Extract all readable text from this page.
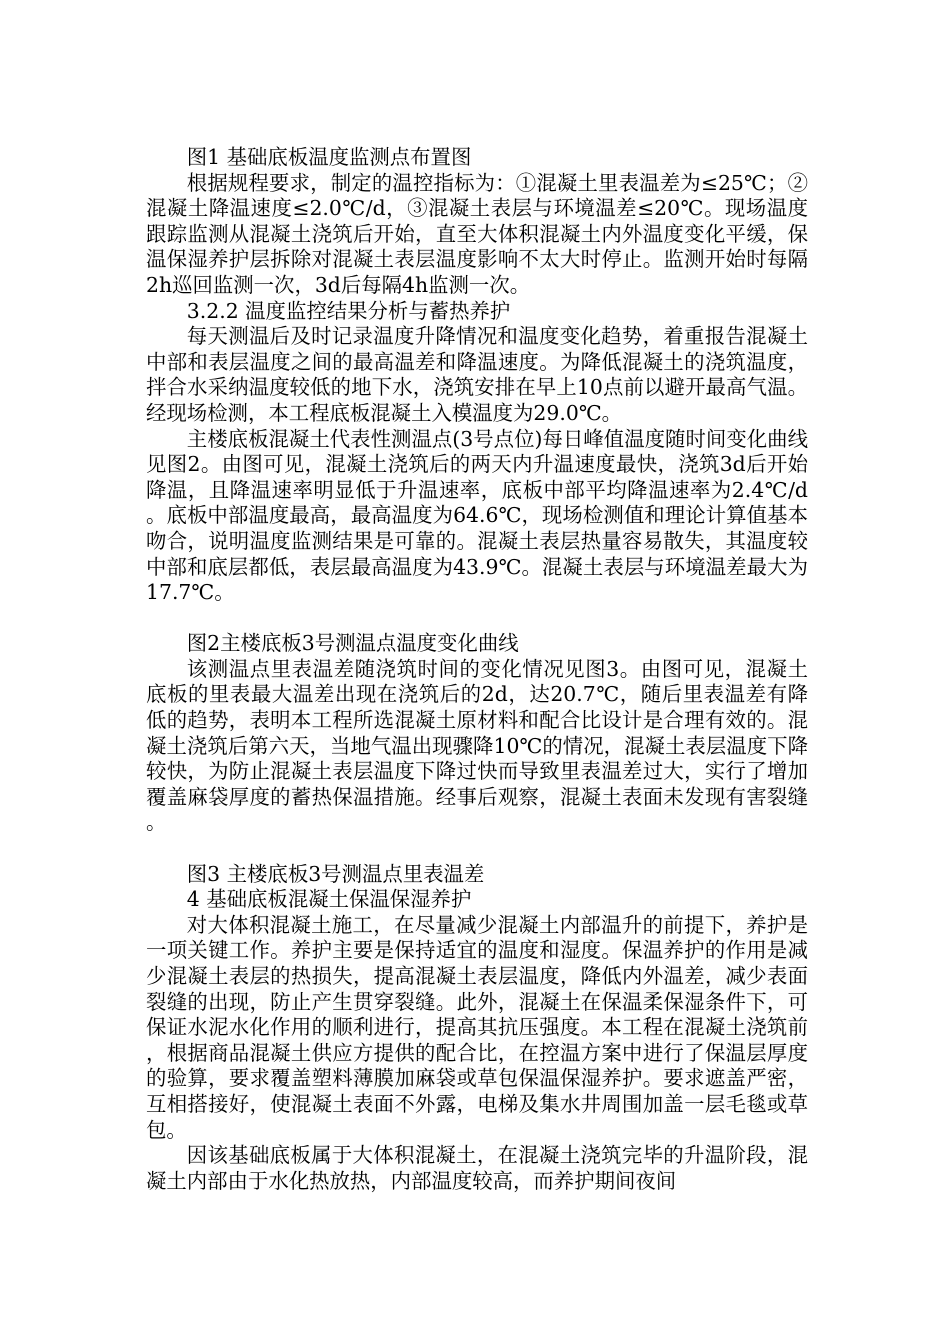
图1 基础底板温度监测点布置图

根据规程要求，制定的温控指标为：①混凝土里表温差为≤25℃；②混凝土降温速度≤2.0℃/d，③混凝土表层与环境温差≤20℃。现场温度跟踪监测从混凝土浇筑后开始，直至大体积混凝土内外温度变化平缓，保温保湿养护层拆除对混凝土表层温度影响不太大时停止。监测开始时每隔2h巡回监测一次，3d后每隔4h监测一次。

3.2.2 温度监控结果分析与蓄热养护

每天测温后及时记录温度升降情况和温度变化趋势，着重报告混凝土中部和表层温度之间的最高温差和降温速度。为降低混凝土的浇筑温度，拌合水采纳温度较低的地下水，浇筑安排在早上10点前以避开最高气温。经现场检测，本工程底板混凝土入模温度为29.0℃。

主楼底板混凝土代表性测温点(3号点位)每日峰值温度随时间变化曲线见图2。由图可见，混凝土浇筑后的两天内升温速度最快，浇筑3d后开始降温，且降温速率明显低于升温速率，底板中部平均降温速率为2.4℃/d。底板中部温度最高，最高温度为64.6℃，现场检测值和理论计算值基本吻合，说明温度监测结果是可靠的。混凝土表层热量容易散失，其温度较中部和底层都低，表层最高温度为43.9℃。混凝土表层与环境温差最大为17.7℃。

图2主楼底板3号测温点温度变化曲线

该测温点里表温差随浇筑时间的变化情况见图3。由图可见，混凝土底板的里表最大温差出现在浇筑后的2d，达20.7℃，随后里表温差有降低的趋势，表明本工程所选混凝土原材料和配合比设计是合理有效的。混凝土浇筑后第六天，当地气温出现骤降10℃的情况，混凝土表层温度下降较快，为防止混凝土表层温度下降过快而导致里表温差过大，实行了增加覆盖麻袋厚度的蓄热保温措施。经事后观察，混凝土表面未发现有害裂缝。

图3 主楼底板3号测温点里表温差

4 基础底板混凝土保温保湿养护

对大体积混凝土施工，在尽量减少混凝土内部温升的前提下，养护是一项关键工作。养护主要是保持适宜的温度和湿度。保温养护的作用是减少混凝土表层的热损失，提高混凝土表层温度，降低内外温差，减少表面裂缝的出现，防止产生贯穿裂缝。此外，混凝土在保温柔保湿条件下，可保证水泥水化作用的顺利进行，提高其抗压强度。本工程在混凝土浇筑前，根据商品混凝土供应方提供的配合比，在控温方案中进行了保温层厚度的验算，要求覆盖塑料薄膜加麻袋或草包保温保湿养护。要求遮盖严密，互相搭接好，使混凝土表面不外露，电梯及集水井周围加盖一层毛毯或草包。

因该基础底板属于大体积混凝土，在混凝土浇筑完毕的升温阶段，混凝土内部由于水化热放热，内部温度较高，而养护期间夜间
